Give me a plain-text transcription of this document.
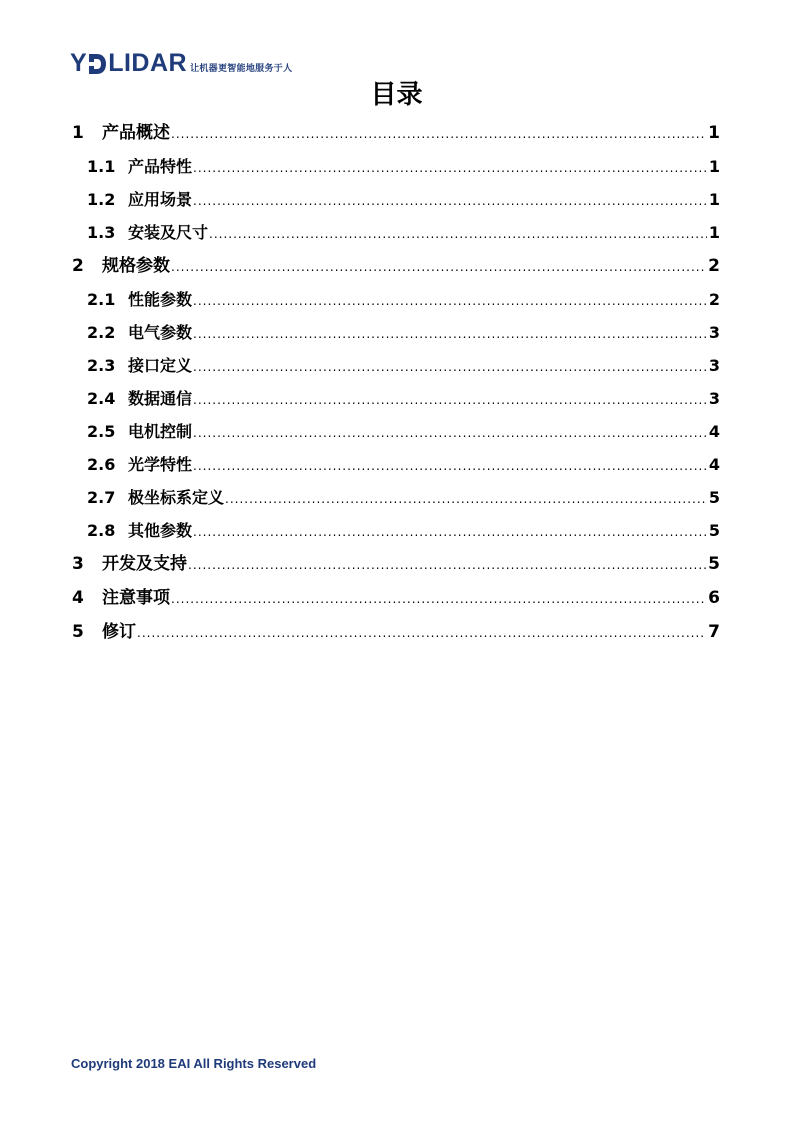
Y LIDAR 让机器更智能地服务于人
目录
1	产品概述 .....	1
1.1 产品特性 .....	1
1.2 应用场景 .....	1
1.3 安装及尺寸 .....	1
2	规格参数 .....	2
2.1 性能参数 .....	2
2.2 电气参数 .....	3
2.3 接口定义 .....	3
2.4 数据通信 .....	3
2.5 电机控制 .....	4
2.6 光学特性 .....	4
2.7 极坐标系定义 .....	5
2.8 其他参数 .....	5
3	开发及支持 .....	5
4	注意事项 .....	6
5	修订 .....	7
Copyright 2018 EAI All Rights Reserved
